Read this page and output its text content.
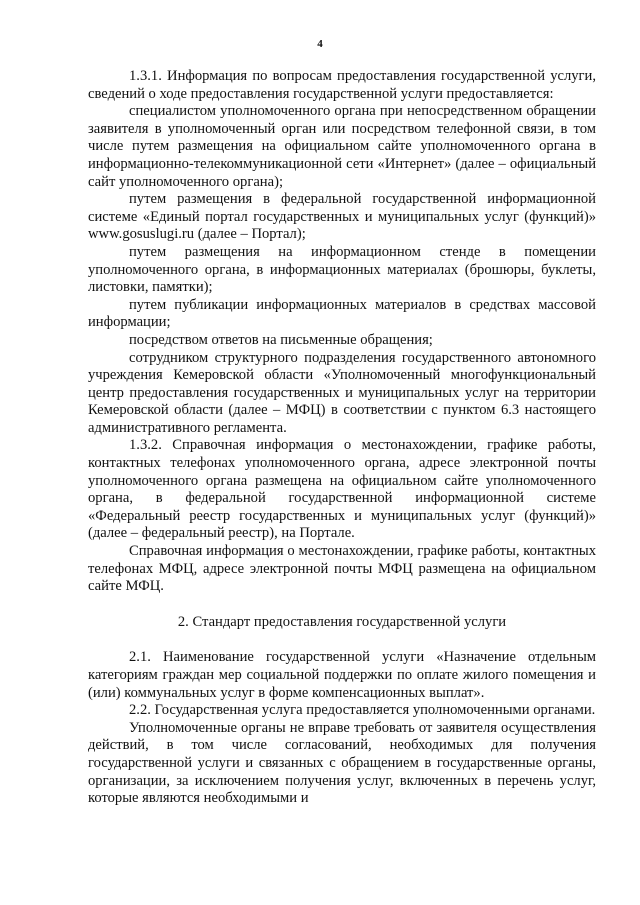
4

1.3.1. Информация по вопросам предоставления государственной услуги, сведений о ходе предоставления государственной услуги предоставляется:

специалистом уполномоченного органа при непосредственном обращении заявителя в уполномоченный орган или посредством телефонной связи, в том числе путем размещения на официальном сайте уполномоченного органа в информационно-телекоммуникационной сети «Интернет» (далее – официальный сайт уполномоченного органа);

путем размещения в федеральной государственной информационной системе «Единый портал государственных и муниципальных услуг (функций)» www.gosuslugi.ru (далее – Портал);

путем размещения на информационном стенде в помещении уполномоченного органа, в информационных материалах (брошюры, буклеты, листовки, памятки);

путем публикации информационных материалов в средствах массовой информации;

посредством ответов на письменные обращения;

сотрудником структурного подразделения государственного автономного учреждения Кемеровской области «Уполномоченный многофункциональный центр предоставления государственных и муниципальных услуг на территории Кемеровской области (далее – МФЦ) в соответствии с пунктом 6.3 настоящего административного регламента.

1.3.2. Справочная информация о местонахождении, графике работы, контактных телефонах уполномоченного органа, адресе электронной почты уполномоченного органа размещена на официальном сайте уполномоченного органа, в федеральной государственной информационной системе «Федеральный реестр государственных и муниципальных услуг (функций)» (далее – федеральный реестр), на Портале.

Справочная информация о местонахождении, графике работы, контактных телефонах МФЦ, адресе электронной почты МФЦ размещена на официальном сайте МФЦ.

2. Стандарт предоставления государственной услуги

2.1. Наименование государственной услуги «Назначение отдельным категориям граждан мер социальной поддержки по оплате жилого помещения и (или) коммунальных услуг в форме компенсационных выплат».

2.2. Государственная услуга предоставляется уполномоченными органами.

Уполномоченные органы не вправе требовать от заявителя осуществления действий, в том числе согласований, необходимых для получения государственной услуги и связанных с обращением в государственные органы, организации, за исключением получения услуг, включенных в перечень услуг, которые являются необходимыми и
